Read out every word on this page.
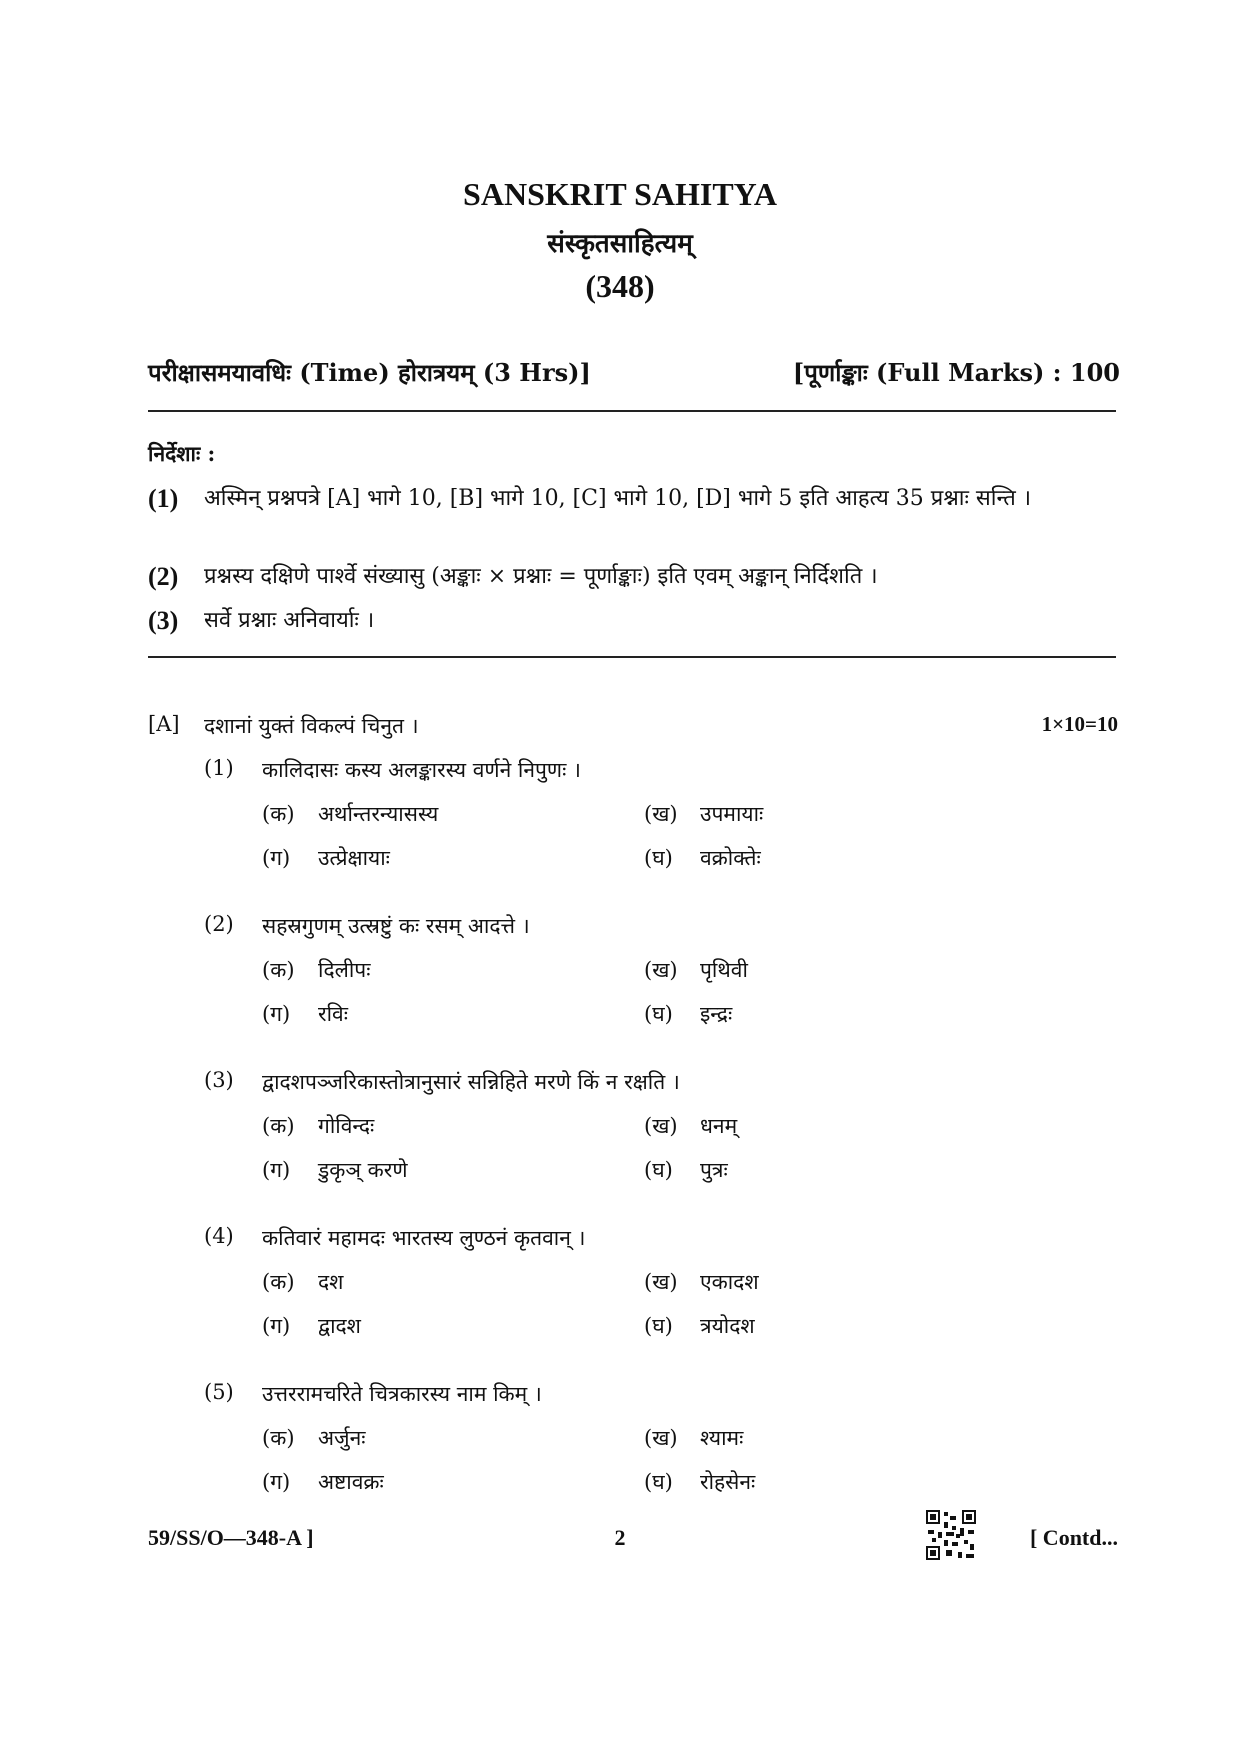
SANSKRIT SAHITYA
संस्कृतसाहित्यम्
(348)
परीक्षासमयावधिः (Time) होरात्रयम् (3 Hrs)]	[पूर्णाङ्काः (Full Marks) : 100
निर्देशाः :
(1) अस्मिन् प्रश्नपत्रे [A] भागे 10, [B] भागे 10, [C] भागे 10, [D] भागे 5 इति आहत्य 35 प्रश्नाः सन्ति ।
(2) प्रश्नस्य दक्षिणे पार्श्वे संख्यासु (अङ्काः × प्रश्नाः = पूर्णाङ्काः) इति एवम् अङ्कान् निर्दिशति ।
(3) सर्वे प्रश्नाः अनिवार्याः ।
[A] दशानां युक्तं विकल्पं चिनुत ।	1×10=10
(1) कालिदासः कस्य अलङ्कारस्य वर्णने निपुणः ।
(क) अर्थान्तरन्यासस्य	(ख) उपमायाः
(ग) उत्प्रेक्षायाः	(घ) वक्रोक्तेः
(2) सहस्रगुणम् उत्स्रष्टुं कः रसम् आदत्ते ।
(क) दिलीपः	(ख) पृथिवी
(ग) रविः	(घ) इन्द्रः
(3) द्वादशपञ्जरिकास्तोत्रानुसारं सन्निहिते मरणे किं न रक्षति ।
(क) गोविन्दः	(ख) धनम्
(ग) डुकृञ् करणे	(घ) पुत्रः
(4) कतिवारं महामदः भारतस्य लुण्ठनं कृतवान् ।
(क) दश	(ख) एकादश
(ग) द्वादश	(घ) त्रयोदश
(5) उत्तररामचरिते चित्रकारस्य नाम किम् ।
(क) अर्जुनः	(ख) श्यामः
(ग) अष्टावक्रः	(घ) रोहसेनः
59/SS/O—348-A ]	2	[ Contd...
